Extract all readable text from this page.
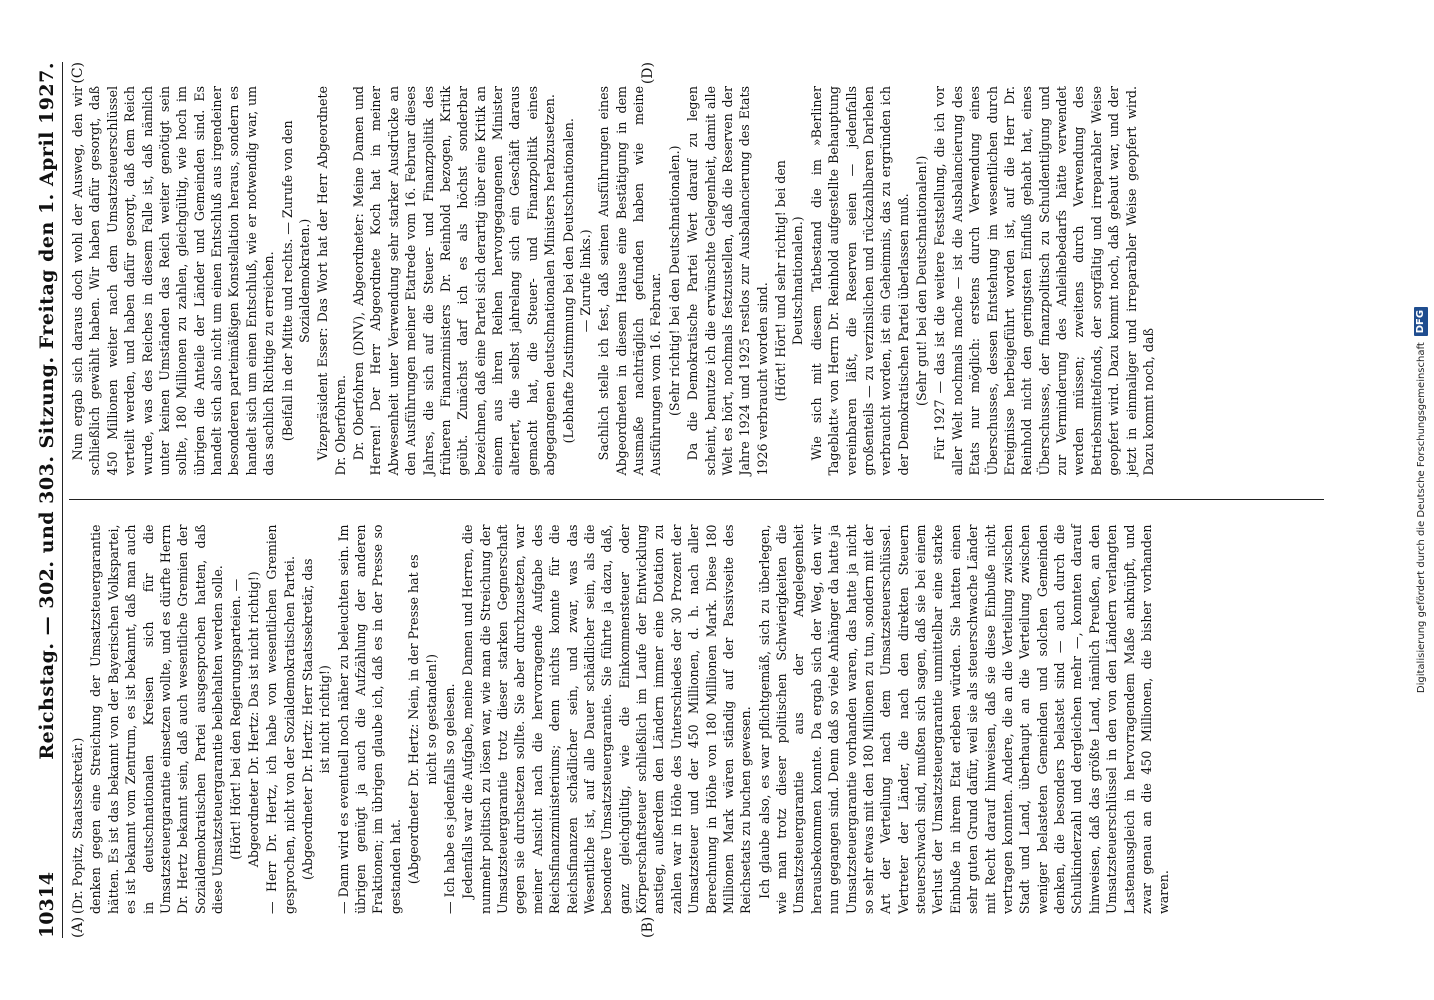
10314
Reichstag. — 302. und 303. Sitzung. Freitag den 1. April 1927.
(A)	(B)

(Dr. Popitz, Staatssekretär.) denken gegen eine Streichung der Umsatzsteuergarantie hätten. Es ist das bekannt von der Bayerischen Volkspartei, es ist bekannt vom Zentrum, es ist bekannt, daß man auch in deutschnationalen Kreisen sich für die Umsatzsteuergarantie einsetzen wollte, und es dürfte Herrn Dr. Hertz bekannt sein, daß auch wesentliche Gremien der Sozialdemokratischen Partei ausgesprochen hatten, daß diese Umsatzsteuergarantie beibehalten werden solle. (Hört! Hört! bei den Regierungsparteien. — Abgeordneter Dr. Hertz: Das ist nicht richtig!) — Herr Dr. Hertz, ich habe von wesentlichen Gremien gesprochen, nicht von der Sozialdemokratischen Partei. (Abgeordneter Dr. Hertz: Herr Staatssekretär, das ist nicht richtig!) — Dann wird es eventuell noch näher zu beleuchten sein. Im übrigen genügt ja auch die Aufzählung der anderen Fraktionen; im übrigen glaube ich, daß es in der Presse so gestanden hat. (Abgeordneter Dr. Hertz: Nein, in der Presse hat es nicht so gestanden!) — Ich habe es jedenfalls so gelesen. Jedenfalls war die Aufgabe, meine Damen und Herren, die nunmehr politisch zu lösen war, wie man die Streichung der Umsatzsteuergarantie trotz dieser starken Gegnerschaft gegen sie durchsetzen sollte. Sie aber durchzusetzen, war meiner Ansicht nach die hervorragende Aufgabe des Reichsfinanzministeriums; denn nichts konnte für die Reichsfinanzen schädlicher sein, und zwar, was das Wesentliche ist, auf alle Dauer schädlicher sein, als die besondere Umsatzsteuergarantie. Sie führte ja dazu, daß, ganz gleichgültig, wie die Einkommensteuer oder Körperschaftsteuer schließlich im Laufe der Entwicklung anstieg, außerdem den Ländern immer eine Dotation zu zahlen war in Höhe des Unterschiedes der 30 Prozent der Umsatzsteuer und der 450 Millionen, d. h. nach aller Berechnung in Höhe von 180 Millionen Mark. Diese 180 Millionen Mark wären ständig auf der Passivseite des Reichsetats zu buchen gewesen. Ich glaube also, es war pflichtgemäß, sich zu überlegen, wie man trotz dieser politischen Schwierigkeiten die Umsatzsteuergarantie aus der Angelegenheit herausbekommen konnte. Da ergab sich der Weg, den wir nun gegangen sind. Denn daß so viele Anhänger da hatte ja Umsatzsteuergarantie vorhanden waren, das hatte ja nicht so sehr etwas mit den 180 Millionen zu tun, sondern mit der Art der Verteilung nach dem Umsatzsteuerschlüssel. Vertreter der Länder, die nach den direkten Steuern steuerschwach sind, mußten sich sagen, daß sie bei einem Verlust der Umsatzsteuergarantie unmittelbar eine starke Einbuße in ihrem Etat erleben würden. Sie hatten einen sehr guten Grund dafür, weil sie als steuerschwache Länder mit Recht darauf hinweisen, daß sie diese Einbuße nicht vertragen konnten. Andere, die an die Verteilung zwischen Stadt und Land, überhaupt an die Verteilung zwischen weniger belasteten Gemeinden und solchen Gemeinden denken, die besonders belastet sind — auch durch die Schulkinderzahl und dergleichen mehr —, konnten darauf hinweisen, daß das größte Land, nämlich Preußen, an den Umsatzsteuerschlüssel in den von den Ländern verlangten Lastenausgleich in hervorragendem Maße anknüpft, und zwar genau an die 450 Millionen, die bisher vorhanden waren.

(C)	(D)

Nun ergab sich daraus doch wohl der Ausweg, den wir schließlich gewählt haben. Wir haben dafür gesorgt, daß 450 Millionen weiter nach dem Umsatzsteuerschlüssel verteilt werden, und haben dafür gesorgt, daß dem Reich wurde, was des Reiches in diesem Falle ist, daß nämlich unter keinen Umständen das Reich weiter genötigt sein sollte, 180 Millionen zu zahlen, gleichgültig, wie hoch im übrigen die Anteile der Länder und Gemeinden sind. Es handelt sich also nicht um einen Entschluß aus irgendeiner besonderen parteimäßigen Konstellation heraus, sondern es handelt sich um einen Entschluß, wie er notwendig war, um das sachlich Richtige zu erreichen. (Beifall in der Mitte und rechts. — Zurufe von den Sozialdemokraten.) Vizepräsident Esser: Das Wort hat der Herr Abgeordnete Dr. Oberfohren. Dr. Oberfohren (DNV), Abgeordneter: Meine Damen und Herren! Der Herr Abgeordnete Koch hat in meiner Abwesenheit unter Verwendung sehr starker Ausdrücke an den Ausführungen meiner Etatrede vom 16. Februar dieses Jahres, die sich auf die Steuer- und Finanzpolitik des früheren Finanzministers Dr. Reinhold bezogen, Kritik geübt. Zunächst darf ich es als höchst sonderbar bezeichnen, daß eine Partei sich derartig über eine Kritik an einem aus ihren Reihen hervorgegangenen Minister alteriert, die selbst jahrelang sich ein Geschäft daraus gemacht hat, die Steuer- und Finanzpolitik eines abgegangenen deutschnationalen Ministers herabzusetzen. (Lebhafte Zustimmung bei den Deutschnationalen. — Zurufe links.) Sachlich stelle ich fest, daß seinen Ausführungen eines Abgeordneten in diesem Hause eine Bestätigung in dem Ausmaße nachträglich gefunden haben wie meine Ausführungen vom 16. Februar. (Sehr richtig! bei den Deutschnationalen.) Da die Demokratische Partei Wert darauf zu legen scheint, benutze ich die erwünschte Gelegenheit, damit alle Welt es hört, nochmals festzustellen, daß die Reserven der Jahre 1924 und 1925 restlos zur Ausbalancierung des Etats 1926 verbraucht worden sind. (Hört! Hört! und sehr richtig! bei den Deutschnationalen.) Wie sich mit diesem Tatbestand die im »Berliner Tageblatt« von Herrn Dr. Reinhold aufgestellte Behauptung vereinbaren läßt, die Reserven seien — jedenfalls großenteils — zu verzinslichen und rückzahlbaren Darlehen verbraucht worden, ist ein Geheimnis, das zu ergründen ich der Demokratischen Partei überlassen muß. (Sehr gut! bei den Deutschnationalen!) Für 1927 — das ist die weitere Feststellung, die ich vor aller Welt nochmals mache — ist die Ausbalancierung des Etats nur möglich: erstens durch Verwendung eines Überschusses, dessen Entstehung im wesentlichen durch Ereignisse herbeigeführt worden ist, auf die Herr Dr. Reinhold nicht den geringsten Einfluß gehabt hat, eines Überschusses, der finanzpolitisch zu Schuldentilgung und zur Verminderung des Anleihebedarfs hätte verwendet werden müssen; zweitens durch Verwendung des Betriebsmittelfonds, der sorgfältig und irreparabler Weise geopfert wird. Dazu kommt noch, daß gebaut war, und der jetzt in einmaliger und irreparabler Weise geopfert wird. Dazu kommt noch, daß	Digitalisierung gefördert durch die Deutsche Forschungsgemeinschaft
DFG
